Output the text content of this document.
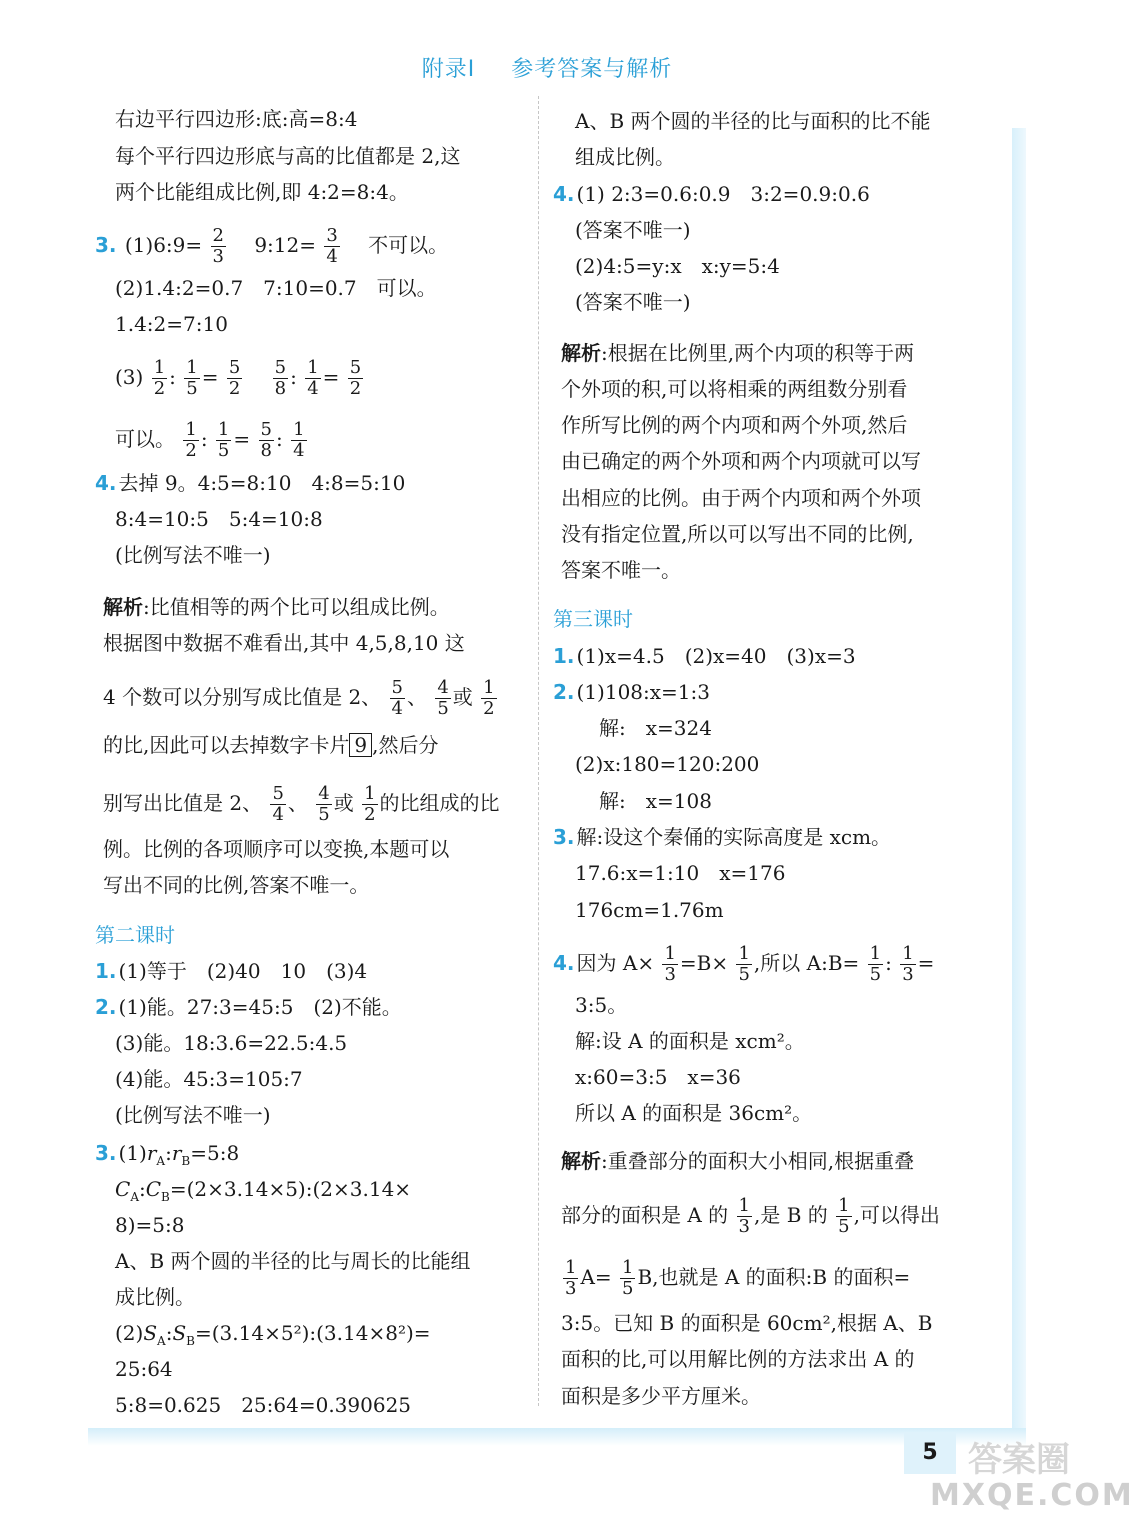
附录Ⅰ 参考答案与解析
右边平行四边形:底:高=8:4
每个平行四边形底与高的比值都是 2,这
两个比能组成比例,即 4:2=8:4。
3. (1)6:9= $\frac{2}{3}$
　 9:12= $\frac{3}{4}$
　 不可以。
(2)1.4:2=0.7　7:10=0.7　可以。
1.4:2=7:10
$(3) \frac{1}{2}$ : $\frac{1}{5} = \frac{5}{2}$
　 $\frac{5}{8}$ : $\frac{1}{4} = \frac{5}{2}$
可以。 $\frac{1}{2}$ : $\frac{1}{5} = \frac{5}{8}$ : $\frac{1}{4}$
4. 去掉 9。4:5=8:10　4:8=5:10
8:4=10:5　5:4=10:8
(比例写法不唯一)
解析:比值相等的两个比可以组成比例。
根据图中数据不难看出,其中 4,5,8,10 这
4 个数可以分别写成比值是 2、 $\frac{5}{4}$ 、 $\frac{4}{5}$ 或 $\frac{1}{2}$
的比,因此可以去掉数字卡片 9 ,然后分
别写出比值是 2、 $\frac{5}{4}$ 、 $\frac{4}{5}$ 或 $\frac{1}{2}$ 的比组成的比
例。比例的各项顺序可以变换,本题可以
写出不同的比例,答案不唯一。
第二课时
1. (1)等于　(2)40　10　(3)4
2. (1)能。27:3=45:5　(2)不能。
(3)能。18:3.6=22.5:4.5
(4)能。45:3=105:7
(比例写法不唯一)
3. $(1)r_A:r_B=5:8$
$C_A:C_B=(2\times 3.14\times 5):(2\times 3.14\times$
8)=5:8
A、B 两个圆的半径的比与周长的比能组
成比例。
$(2)S_A:S_B=(3.14\times 5^2):(3.14\times 8^2)=$
25:64
5:8=0.625　25:64=0.390625
A、B 两个圆的半径的比与面积的比不能
组成比例。
4. (1) 2:3=0.6:0.9　3:2=0.9:0.6
(答案不唯一)
(2)4:5=y:x　x:y=5:4
(答案不唯一)
解析:根据在比例里,两个内项的积等于两
个外项的积,可以将相乘的两组数分别看
作所写比例的两个内项和两个外项,然后
由已确定的两个外项和两个内项就可以写
出相应的比例。由于两个内项和两个外项
没有指定位置,所以可以写出不同的比例,
答案不唯一。
第三课时
1. (1)x=4.5　(2)x=40　(3)x=3
2. (1)108:x=1:3
解:　x=324
(2)x:180=120:200
解:　x=108
3. 解:设这个秦俑的实际高度是 xcm。
17.6:x=1:10　x=176
176cm=1.76m
4. 因为 $A\times \frac{1}{3} =B\times \frac{1}{5}$ ,所以 A:B= $\frac{1}{5}$ : $\frac{1}{3}$ =
3:5。
解:设 A 的面积是 xcm²。
x:60=3:5　x=36
所以 A 的面积是 36cm²。
解析:重叠部分的面积大小相同,根据重叠
部分的面积是 A 的 $\frac{1}{3}$ ,是 B 的 $\frac{1}{5}$ ,可以得出
$\frac{1}{3} A= \frac{1}{5} B$,也就是 A 的面积:B 的面积=
3:5。已知 B 的面积是 60cm²,根据 A、B
面积的比,可以用解比例的方法求出 A 的
面积是多少平方厘米。
5 答案圈
MXQE.COM
